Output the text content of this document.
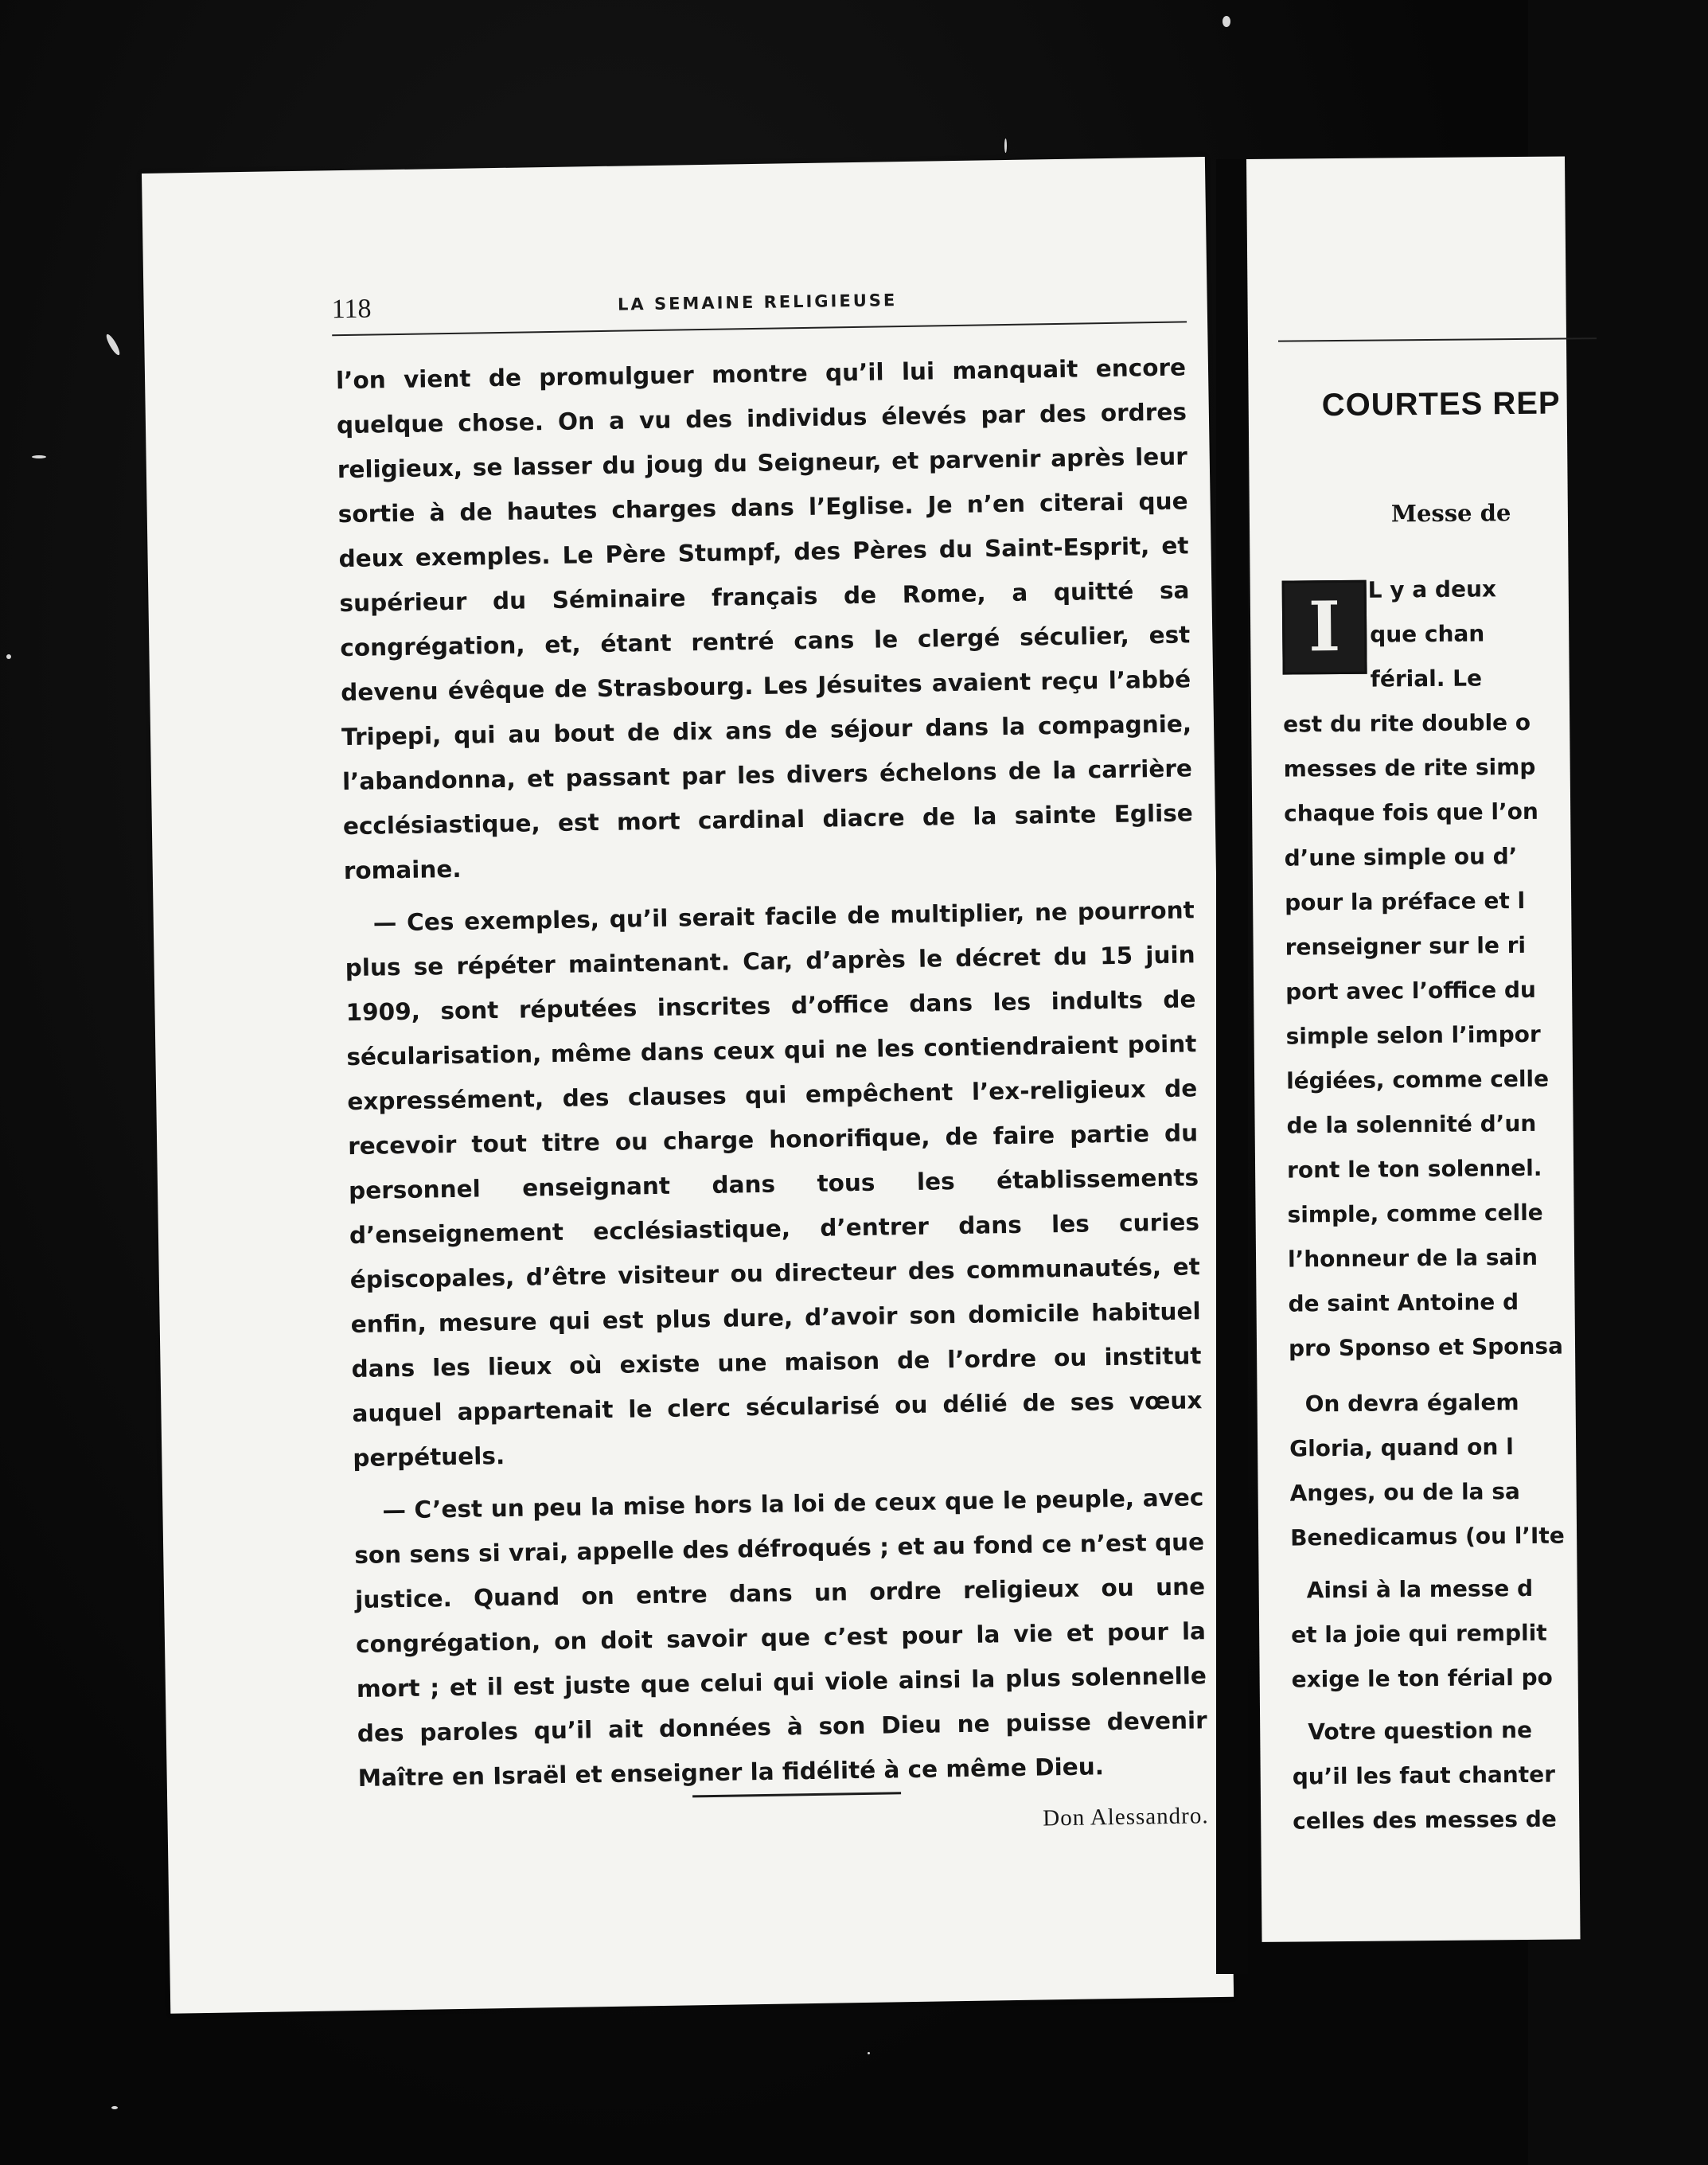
118	LA SEMAINE RELIGIEUSE

l’on vient de promulguer montre qu’il lui manquait encore quelque chose. On a vu des individus élevés par des ordres religieux, se lasser du joug du Seigneur, et parvenir après leur sortie à de hautes charges dans l’Eglise. Je n’en citerai que deux exemples. Le Père Stumpf, des Pères du Saint-Esprit, et supérieur du Séminaire français de Rome, a quitté sa congrégation, et, étant rentré cans le clergé séculier, est devenu évêque de Strasbourg. Les Jésuites avaient reçu l’abbé Tripepi, qui au bout de dix ans de séjour dans la compagnie, l’abandonna, et passant par les divers échelons de la carrière ecclésiastique, est mort cardinal diacre de la sainte Eglise romaine.

— Ces exemples, qu’il serait facile de multiplier, ne pourront plus se répéter maintenant. Car, d’après le décret du 15 juin 1909, sont réputées inscrites d’office dans les indults de sécularisation, même dans ceux qui ne les contiendraient point expressément, des clauses qui empêchent l’ex-religieux de recevoir tout titre ou charge honorifique, de faire partie du personnel enseignant dans tous les établissements d’enseignement ecclésiastique, d’entrer dans les curies épiscopales, d’être visiteur ou directeur des communautés, et enfin, mesure qui est plus dure, d’avoir son domicile habituel dans les lieux où existe une maison de l’ordre ou institut auquel appartenait le clerc sécularisé ou délié de ses vœux perpétuels.

— C’est un peu la mise hors la loi de ceux que le peuple, avec son sens si vrai, appelle des défroqués ; et au fond ce n’est que justice. Quand on entre dans un ordre religieux ou une congrégation, on doit savoir que c’est pour la vie et pour la mort ; et il est juste que celui qui viole ainsi la plus solennelle des paroles qu’il ait données à son Dieu ne puisse devenir Maître en Israël et enseigner la fidélité à ce même Dieu.

Don Alessandro.
COURTES REP
Messe de
I	L y a deux
que chan
férial. Le
est du rite double o
messes de rite simp
chaque fois que l’on
d’une simple ou d’
pour la préface et l
renseigner sur le ri
port avec l’office du
simple selon l’impor
légiées, comme celle
de la solennité d’un
ront le ton solennel.
simple, comme celle
l’honneur de la sain
de saint Antoine d
pro Sponso et Sponsa
On devra égalem
Gloria, quand on l
Anges, ou de la sa
Benedicamus (ou l’Ite
Ainsi à la messe d
et la joie qui remplit
exige le ton férial po
Votre question ne
qu’il les faut chanter
celles des messes de
